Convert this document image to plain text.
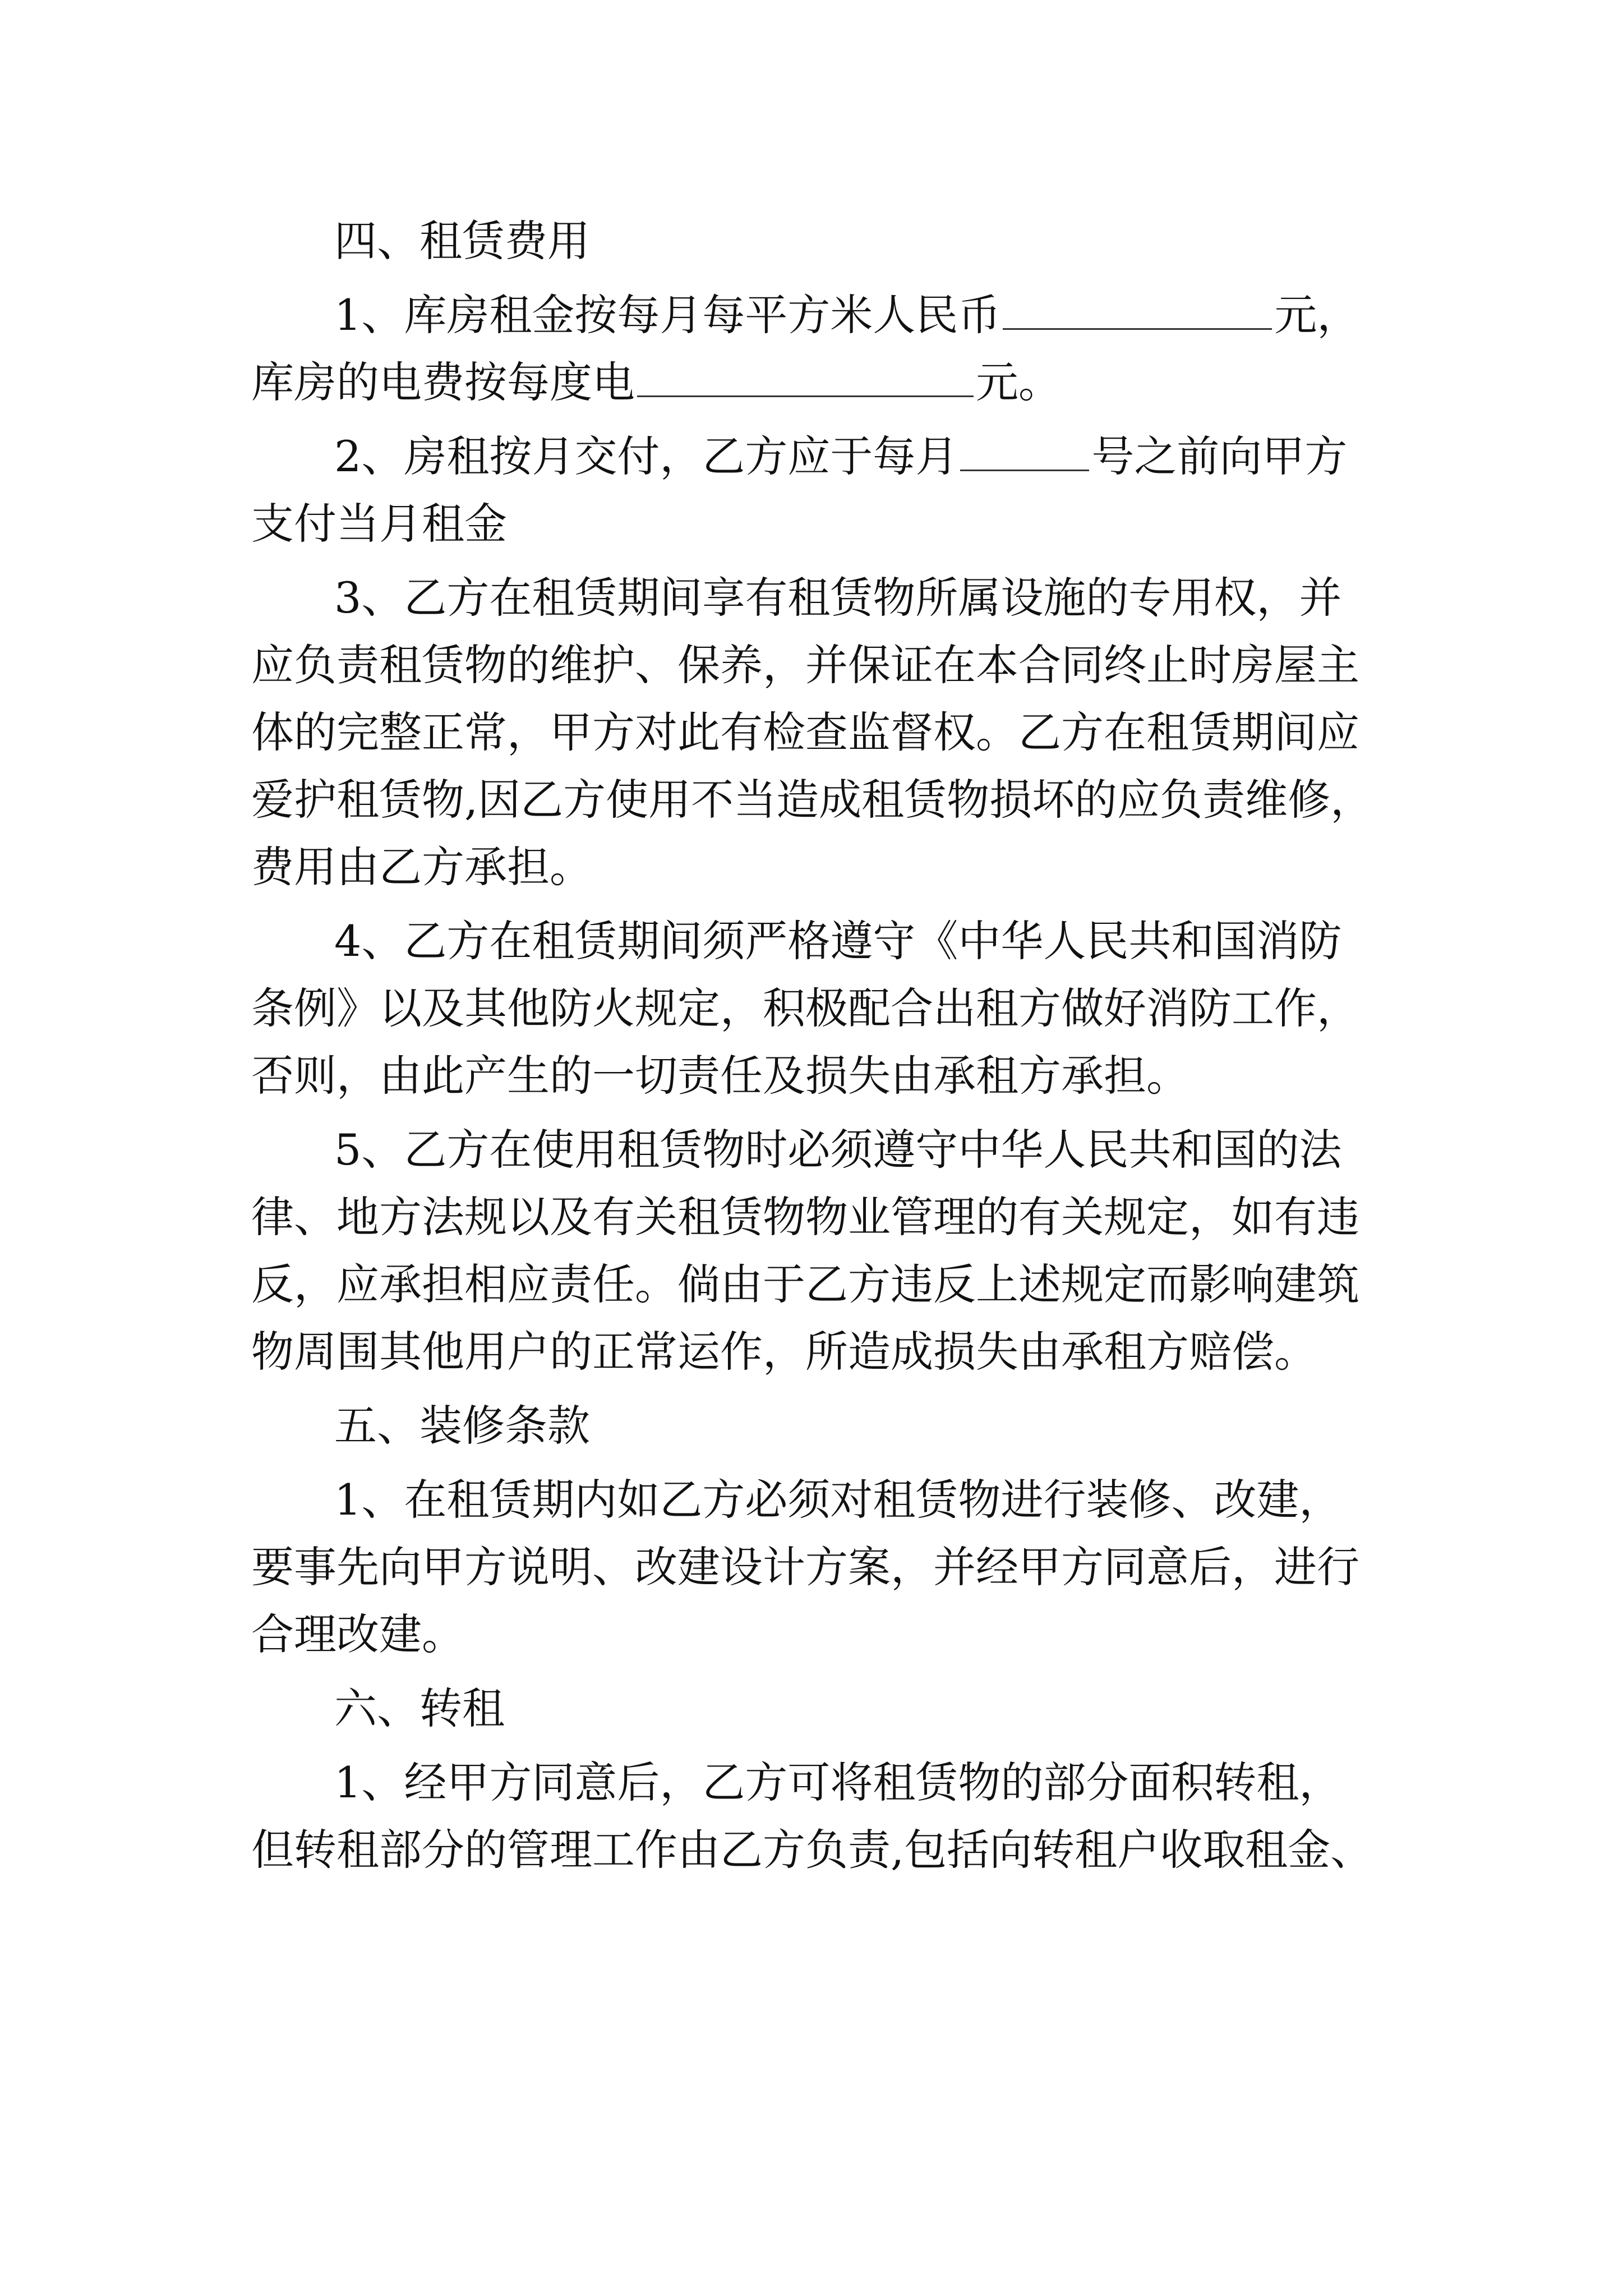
四、租赁费用
1、库房租金按每月每平方米人民币	元，
库房的电费按每度电	元。
2、房租按月交付，乙方应于每月	号之前向甲方
支付当月租金
3、乙方在租赁期间享有租赁物所属设施的专用权，并
应负责租赁物的维护、保养，并保证在本合同终止时房屋主
体的完整正常，甲方对此有检查监督权。乙方在租赁期间应
爱护租赁物,因乙方使用不当造成租赁物损坏的应负责维修，
费用由乙方承担。
4、乙方在租赁期间须严格遵守《中华人民共和国消防
条例》以及其他防火规定，积极配合出租方做好消防工作，
否则，由此产生的一切责任及损失由承租方承担。
5、乙方在使用租赁物时必须遵守中华人民共和国的法
律、地方法规以及有关租赁物物业管理的有关规定，如有违
反，应承担相应责任。倘由于乙方违反上述规定而影响建筑
物周围其他用户的正常运作，所造成损失由承租方赔偿。
五、装修条款
1、在租赁期内如乙方必须对租赁物进行装修、改建，
要事先向甲方说明、改建设计方案，并经甲方同意后，进行
合理改建。
六、转租
1、经甲方同意后，乙方可将租赁物的部分面积转租，
但转租部分的管理工作由乙方负责,包括向转租户收取租金、
